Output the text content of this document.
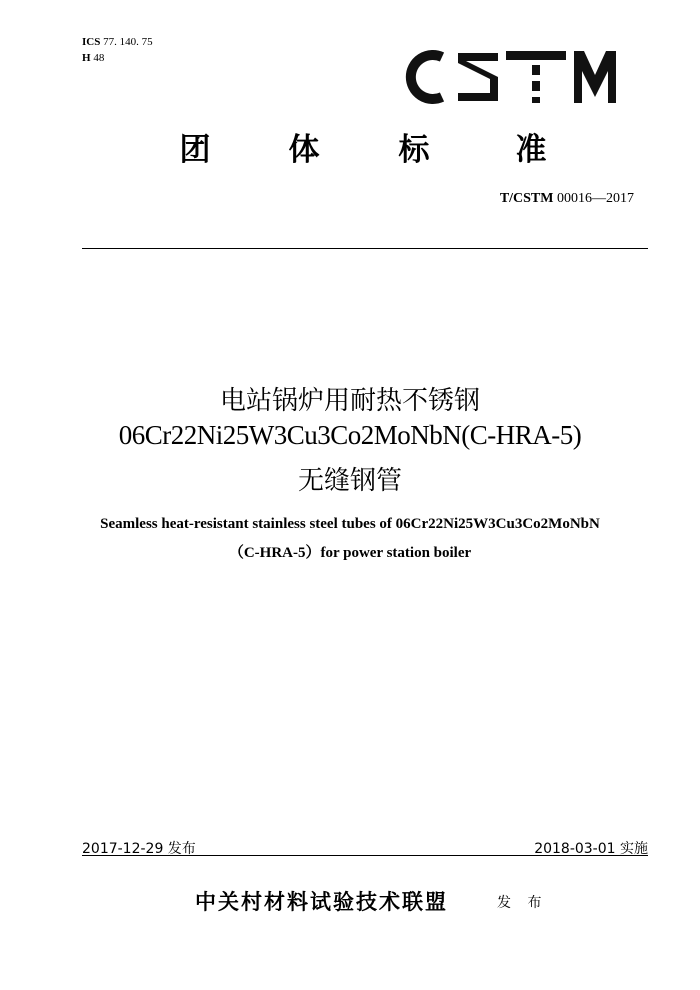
ICS 77. 140. 75
H 48
团	体	标	准
T/CSTM 00016—2017
电站锅炉用耐热不锈钢
06Cr22Ni25W3Cu3Co2MoNbN(C-HRA-5)
无缝钢管
Seamless heat-resistant stainless steel tubes of 06Cr22Ni25W3Cu3Co2MoNbN
（C-HRA-5）for power station boiler
2017-12-29 发布	2018-03-01 实施
中关村材料试验技术联盟	发 布
